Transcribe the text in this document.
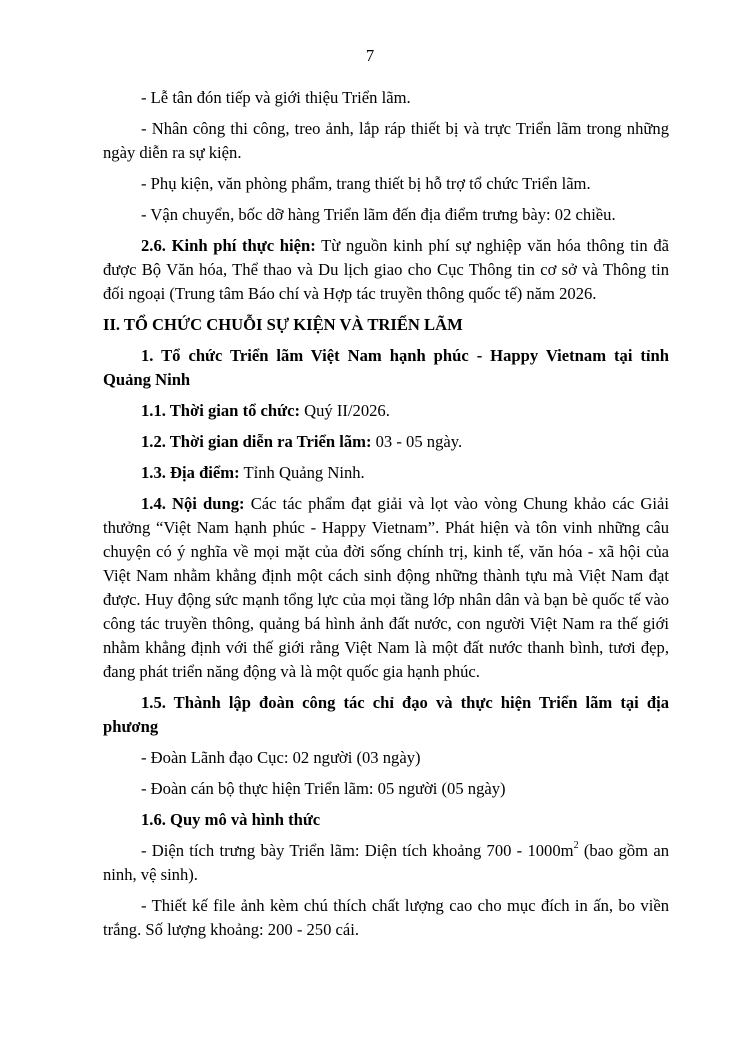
7

- Lễ tân đón tiếp và giới thiệu Triển lãm.

- Nhân công thi công, treo ảnh, lắp ráp thiết bị và trực Triển lãm trong những ngày diễn ra sự kiện.

- Phụ kiện, văn phòng phẩm, trang thiết bị hỗ trợ tổ chức Triển lãm.

- Vận chuyển, bốc dỡ hàng Triển lãm đến địa điểm trưng bày: 02 chiều.

2.6. Kinh phí thực hiện: Từ nguồn kinh phí sự nghiệp văn hóa thông tin đã được Bộ Văn hóa, Thể thao và Du lịch giao cho Cục Thông tin cơ sở và Thông tin đối ngoại (Trung tâm Báo chí và Hợp tác truyền thông quốc tế) năm 2026.

II. TỔ CHỨC CHUỖI SỰ KIỆN VÀ TRIỂN LÃM

1. Tổ chức Triển lãm Việt Nam hạnh phúc - Happy Vietnam tại tỉnh Quảng Ninh

1.1. Thời gian tổ chức: Quý II/2026.

1.2. Thời gian diễn ra Triển lãm: 03 - 05 ngày.

1.3. Địa điểm: Tỉnh Quảng Ninh.

1.4. Nội dung: Các tác phẩm đạt giải và lọt vào vòng Chung khảo các Giải thưởng “Việt Nam hạnh phúc - Happy Vietnam”. Phát hiện và tôn vinh những câu chuyện có ý nghĩa về mọi mặt của đời sống chính trị, kinh tế, văn hóa - xã hội của Việt Nam nhằm khẳng định một cách sinh động những thành tựu mà Việt Nam đạt được. Huy động sức mạnh tổng lực của mọi tầng lớp nhân dân và bạn bè quốc tế vào công tác truyền thông, quảng bá hình ảnh đất nước, con người Việt Nam ra thế giới nhằm khẳng định với thế giới rằng Việt Nam là một đất nước thanh bình, tươi đẹp, đang phát triển năng động và là một quốc gia hạnh phúc.

1.5. Thành lập đoàn công tác chỉ đạo và thực hiện Triển lãm tại địa phương

- Đoàn Lãnh đạo Cục: 02 người (03 ngày)

- Đoàn cán bộ thực hiện Triển lãm: 05 người (05 ngày)

1.6. Quy mô và hình thức

- Diện tích trưng bày Triển lãm: Diện tích khoảng $700 - 1000m^2$ (bao gồm an ninh, vệ sinh).

- Thiết kế file ảnh kèm chú thích chất lượng cao cho mục đích in ấn, bo viền trắng. Số lượng khoảng: 200 - 250 cái.
